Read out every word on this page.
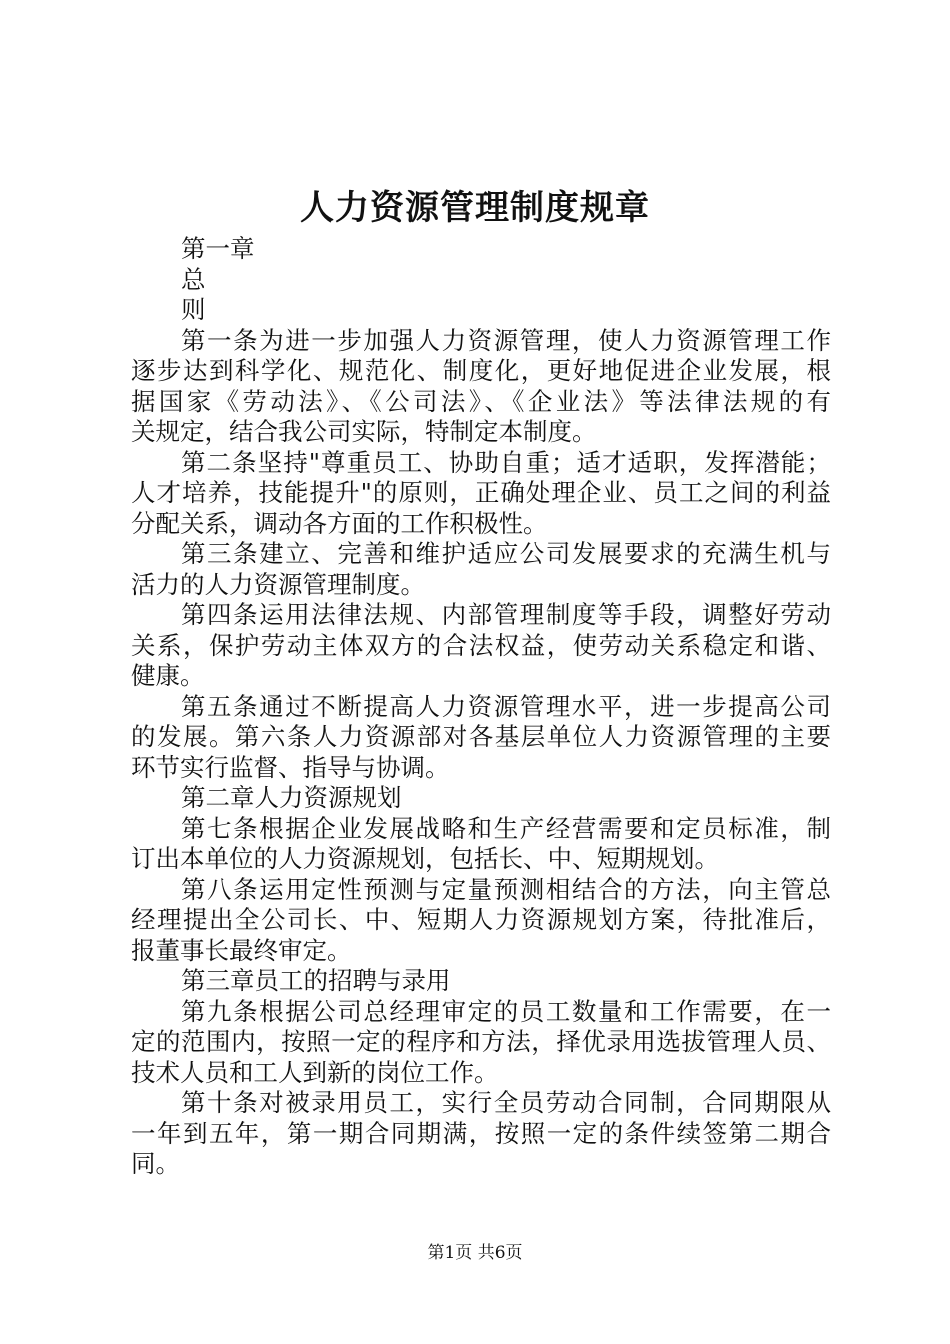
人力资源管理制度规章
第一章
总
则
第一条为进一步加强人力资源管理，使人力资源管理工作
逐步达到科学化、规范化、制度化，更好地促进企业发展，根
据国家《劳动法》、《公司法》、《企业法》等法律法规的有
关规定，结合我公司实际，特制定本制度。
第二条坚持"尊重员工、协助自重；适才适职，发挥潜能；
人才培养，技能提升"的原则，正确处理企业、员工之间的利益
分配关系，调动各方面的工作积极性。
第三条建立、完善和维护适应公司发展要求的充满生机与
活力的人力资源管理制度。
第四条运用法律法规、内部管理制度等手段，调整好劳动
关系，保护劳动主体双方的合法权益，使劳动关系稳定和谐、
健康。
第五条通过不断提高人力资源管理水平，进一步提高公司
的发展。第六条人力资源部对各基层单位人力资源管理的主要
环节实行监督、指导与协调。
第二章人力资源规划
第七条根据企业发展战略和生产经营需要和定员标准，制
订出本单位的人力资源规划，包括长、中、短期规划。
第八条运用定性预测与定量预测相结合的方法，向主管总
经理提出全公司长、中、短期人力资源规划方案，待批准后，
报董事长最终审定。
第三章员工的招聘与录用
第九条根据公司总经理审定的员工数量和工作需要，在一
定的范围内，按照一定的程序和方法，择优录用选拔管理人员、
技术人员和工人到新的岗位工作。
第十条对被录用员工，实行全员劳动合同制，合同期限从
一年到五年，第一期合同期满，按照一定的条件续签第二期合
同。
第1页 共6页
